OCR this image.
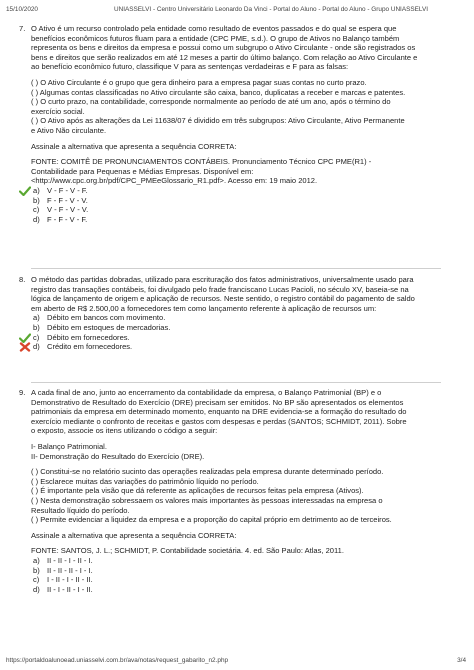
15/10/2020	UNIASSELVI - Centro Universitário Leonardo Da Vinci - Portal do Aluno - Portal do Aluno - Grupo UNIASSELVI
7. O Ativo é um recurso controlado pela entidade como resultado de eventos passados e do qual se espera que

benefícios econômicos futuros fluam para a entidade (CPC PME, s.d.). O grupo de Ativos no Balanço também

representa os bens e direitos da empresa e possui como um subgrupo o Ativo Circulante - onde são registrados os

bens e direitos que serão realizados em até 12 meses a partir do último balanço. Com relação ao Ativo Circulante e

ao benefício econômico futuro, classifique V para as sentenças verdadeiras e F para as falsas:

( ) O Ativo Circulante é o grupo que gera dinheiro para a empresa pagar suas contas no curto prazo.

( ) Algumas contas classificadas no Ativo circulante são caixa, banco, duplicatas a receber e marcas e patentes.

( ) O curto prazo, na contabilidade, corresponde normalmente ao período de até um ano, após o término do

exercício social.

( ) O Ativo após as alterações da Lei 11638/07 é dividido em três subgrupos: Ativo Circulante, Ativo Permanente

e Ativo Não circulante.

Assinale a alternativa que apresenta a sequência CORRETA:

FONTE: COMITÊ DE PRONUNCIAMENTOS CONTÁBEIS. Pronunciamento Técnico CPC PME(R1) -

Contabilidade para Pequenas e Médias Empresas. Disponível em:

<http://www.cpc.org.br/pdf/CPC_PMEeGlossario_R1.pdf>. Acesso em: 19 maio 2012.

a) V - F - V - F.
b) F - F - V - V.
c) V - F - V - V.
d) F - F - V - F.
8. O método das partidas dobradas, utilizado para escrituração dos fatos administrativos, universalmente usado para

registro das transações contábeis, foi divulgado pelo frade franciscano Lucas Pacioli, no século XV, baseia-se na

lógica de lançamento de origem e aplicação de recursos. Neste sentido, o registro contábil do pagamento de saldo

em aberto de R$ 2.500,00 a fornecedores tem como lançamento referente à aplicação de recursos um:

a) Débito em bancos com movimento.
b) Débito em estoques de mercadorias.
c) Débito em fornecedores.
d) Crédito em fornecedores.
9. A cada final de ano, junto ao encerramento da contabilidade da empresa, o Balanço Patrimonial (BP) e o

Demonstrativo de Resultado do Exercício (DRE) precisam ser emitidos. No BP são apresentados os elementos

patrimoniais da empresa em determinado momento, enquanto na DRE evidencia-se a formação do resultado do

exercício mediante o confronto de receitas e gastos com despesas e perdas (SANTOS; SCHMIDT, 2011). Sobre

o exposto, associe os itens utilizando o código a seguir:

I- Balanço Patrimonial.

II- Demonstração do Resultado do Exercício (DRE).

( ) Constitui-se no relatório sucinto das operações realizadas pela empresa durante determinado período.

( ) Esclarece muitas das variações do patrimônio líquido no período.

( ) É importante pela visão que dá referente as aplicações de recursos feitas pela empresa (Ativos).

( ) Nesta demonstração sobressaem os valores mais importantes às pessoas interessadas na empresa o

Resultado líquido do período.

( ) Permite evidenciar a liquidez da empresa e a proporção do capital próprio em detrimento ao de terceiros.

Assinale a alternativa que apresenta a sequência CORRETA:

FONTE: SANTOS, J. L.; SCHMIDT, P. Contabilidade societária. 4. ed. São Paulo: Atlas, 2011.

a) II - II - I - II - I.
b) II - II - II - I - I.
c) I - II - I - II - II.
d) II - I - II - I - II.
https://portaldoalunoead.uniasselvi.com.br/ava/notas/request_gabarito_n2.php	3/4
